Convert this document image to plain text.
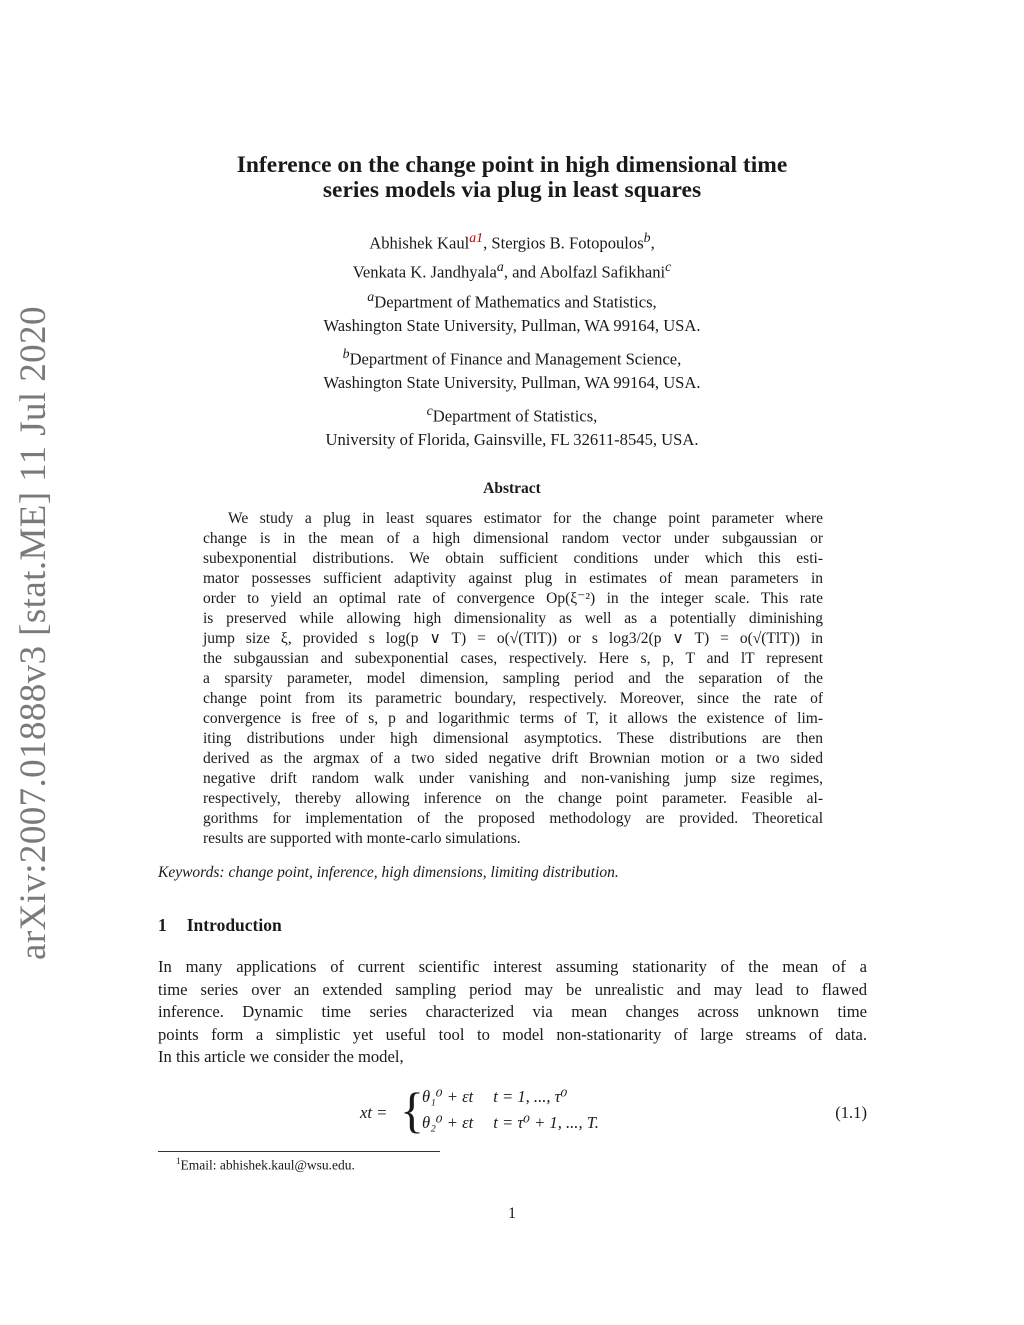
arXiv:2007.01888v3 [stat.ME] 11 Jul 2020
Inference on the change point in high dimensional time
series models via plug in least squares
Abhishek Kaul$^{a1}$, Stergios B. Fotopoulos$^b$,
Venkata K. Jandhyala$^a$, and Abolfazl Safikhani$^c$
$^a$Department of Mathematics and Statistics,
Washington State University, Pullman, WA 99164, USA.
$^b$Department of Finance and Management Science,
Washington State University, Pullman, WA 99164, USA.
$^c$Department of Statistics,
University of Florida, Gainsville, FL 32611-8545, USA.
Abstract
We study a plug in least squares estimator for the change point parameter where
change is in the mean of a high dimensional random vector under subgaussian or
subexponential distributions. We obtain sufficient conditions under which this esti-
mator possesses sufficient adaptivity against plug in estimates of mean parameters in
order to yield an optimal rate of convergence Op(ξ⁻²) in the integer scale. This rate
is preserved while allowing high dimensionality as well as a potentially diminishing
jump size ξ, provided s log(p ∨ T) = o(√(TlT)) or s log3/2(p ∨ T) = o(√(TlT)) in
the subgaussian and subexponential cases, respectively. Here s, p, T and lT represent
a sparsity parameter, model dimension, sampling period and the separation of the
change point from its parametric boundary, respectively. Moreover, since the rate of
convergence is free of s, p and logarithmic terms of T, it allows the existence of lim-
iting distributions under high dimensional asymptotics. These distributions are then
derived as the argmax of a two sided negative drift Brownian motion or a two sided
negative drift random walk under vanishing and non-vanishing jump size regimes,
respectively, thereby allowing inference on the change point parameter. Feasible al-
gorithms for implementation of the proposed methodology are provided. Theoretical
results are supported with monte-carlo simulations.
Keywords: change point, inference, high dimensions, limiting distribution.
1 Introduction
In many applications of current scientific interest assuming stationarity of the mean of a
time series over an extended sampling period may be unrealistic and may lead to flawed
inference. Dynamic time series characterized via mean changes across unknown time
points form a simplistic yet useful tool to model non-stationarity of large streams of data.
In this article we consider the model,
xt = {
θ₁⁰ + εt t = 1, ..., τ⁰
θ₂⁰ + εt t = τ⁰ + 1, ..., T.
(1.1)
$^1$Email: abhishek.kaul@wsu.edu.
1
